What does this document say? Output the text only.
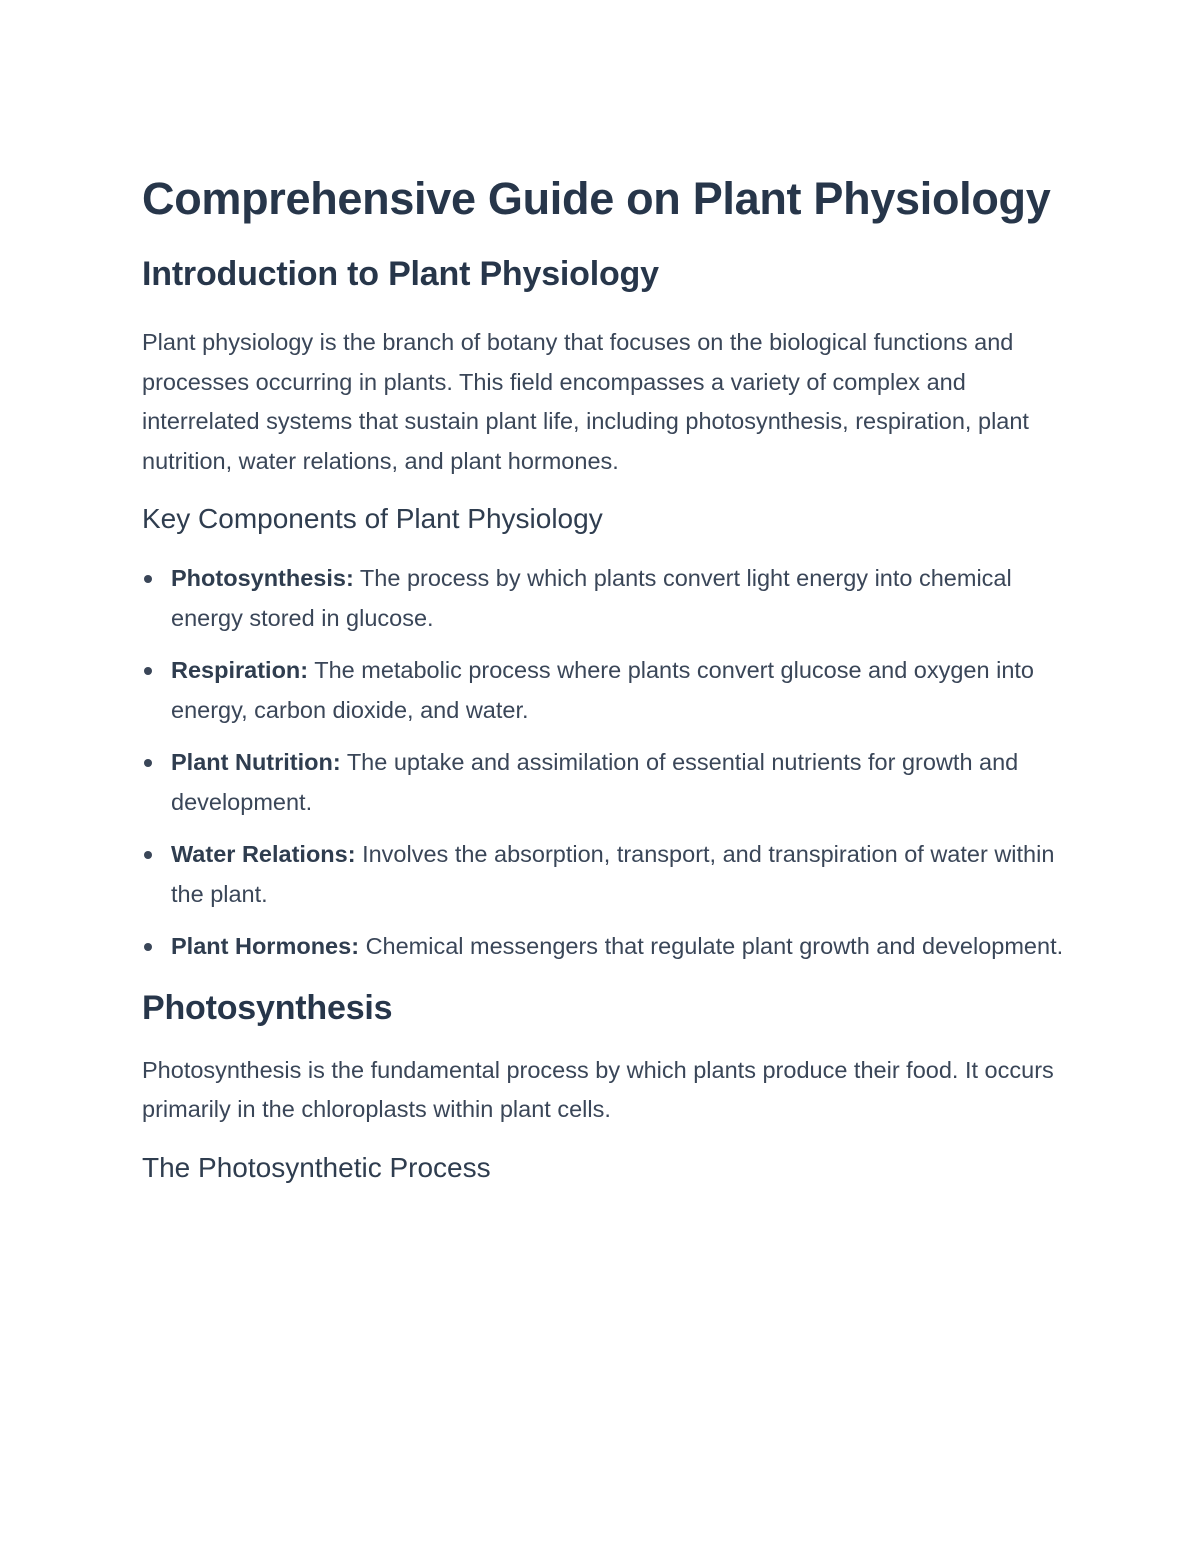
Comprehensive Guide on Plant Physiology
Introduction to Plant Physiology

Plant physiology is the branch of botany that focuses on the biological functions and processes occurring in plants. This field encompasses a variety of complex and interrelated systems that sustain plant life, including photosynthesis, respiration, plant nutrition, water relations, and plant hormones.

Key Components of Plant Physiology
Photosynthesis: The process by which plants convert light energy into chemical energy stored in glucose.
Respiration: The metabolic process where plants convert glucose and oxygen into energy, carbon dioxide, and water.
Plant Nutrition: The uptake and assimilation of essential nutrients for growth and development.
Water Relations: Involves the absorption, transport, and transpiration of water within the plant.
Plant Hormones: Chemical messengers that regulate plant growth and development.
Photosynthesis

Photosynthesis is the fundamental process by which plants produce their food. It occurs primarily in the chloroplasts within plant cells.

The Photosynthetic Process
